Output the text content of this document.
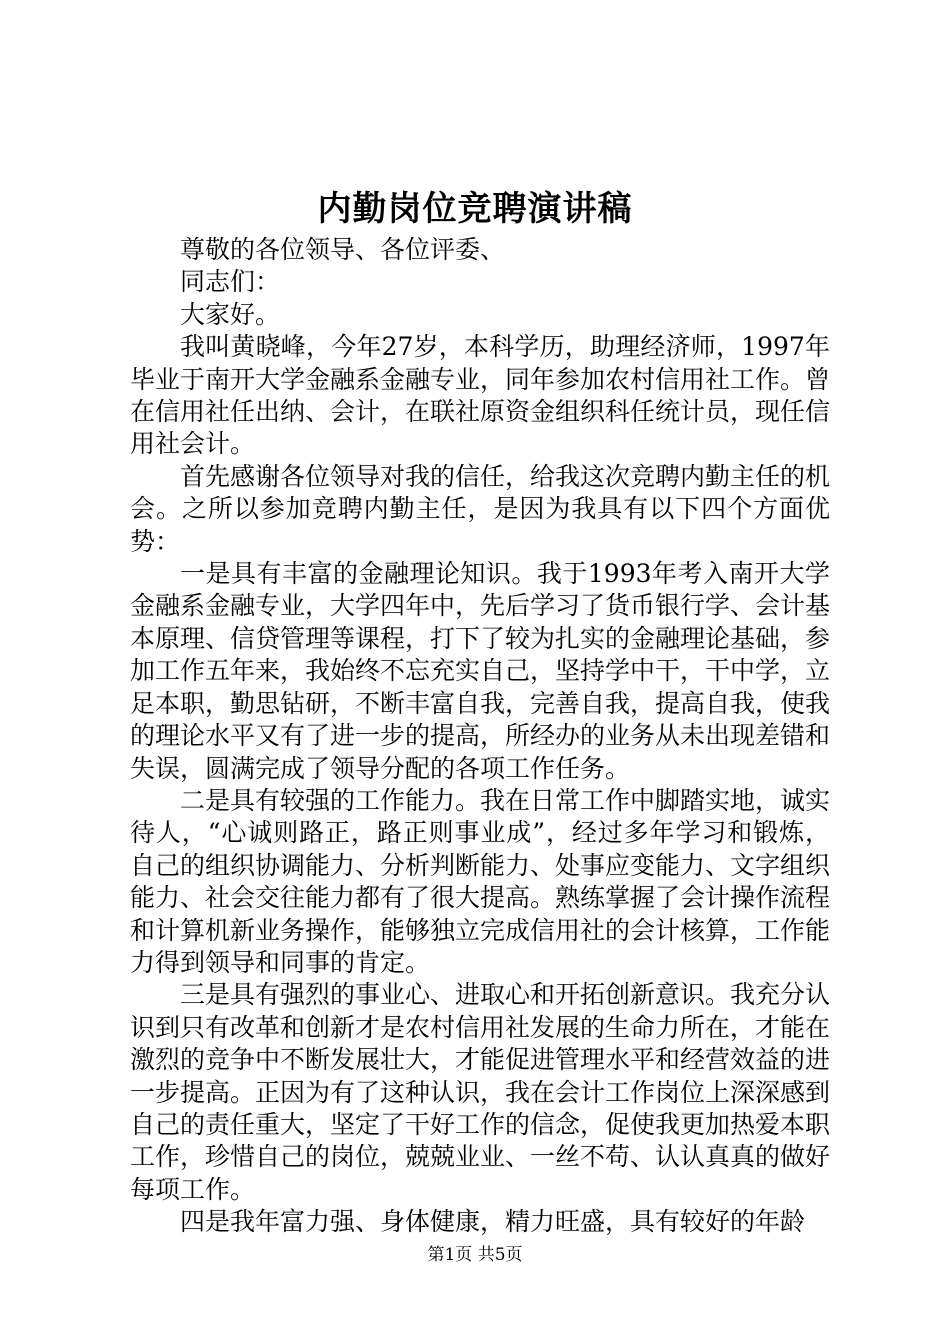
内勤岗位竞聘演讲稿

尊敬的各位领导、各位评委、

同志们：

大家好。

我叫黄晓峰，今年27岁，本科学历，助理经济师，1997年毕业于南开大学金融系金融专业，同年参加农村信用社工作。曾在信用社任出纳、会计，在联社原资金组织科任统计员，现任信用社会计。

首先感谢各位领导对我的信任，给我这次竞聘内勤主任的机会。之所以参加竞聘内勤主任，是因为我具有以下四个方面优势：

一是具有丰富的金融理论知识。我于1993年考入南开大学金融系金融专业，大学四年中，先后学习了货币银行学、会计基本原理、信贷管理等课程，打下了较为扎实的金融理论基础，参加工作五年来，我始终不忘充实自己，坚持学中干，干中学，立足本职，勤思钻研，不断丰富自我，完善自我，提高自我，使我的理论水平又有了进一步的提高，所经办的业务从未出现差错和失误，圆满完成了领导分配的各项工作任务。

二是具有较强的工作能力。我在日常工作中脚踏实地，诚实待人，“心诚则路正，路正则事业成”，经过多年学习和锻炼，自己的组织协调能力、分析判断能力、处事应变能力、文字组织能力、社会交往能力都有了很大提高。熟练掌握了会计操作流程和计算机新业务操作，能够独立完成信用社的会计核算，工作能力得到领导和同事的肯定。

三是具有强烈的事业心、进取心和开拓创新意识。我充分认识到只有改革和创新才是农村信用社发展的生命力所在，才能在激烈的竞争中不断发展壮大，才能促进管理水平和经营效益的进一步提高。正因为有了这种认识，我在会计工作岗位上深深感到自己的责任重大，坚定了干好工作的信念，促使我更加热爱本职工作，珍惜自己的岗位，兢兢业业、一丝不苟、认认真真的做好每项工作。

四是我年富力强、身体健康，精力旺盛，具有较好的年龄

第1页 共5页
